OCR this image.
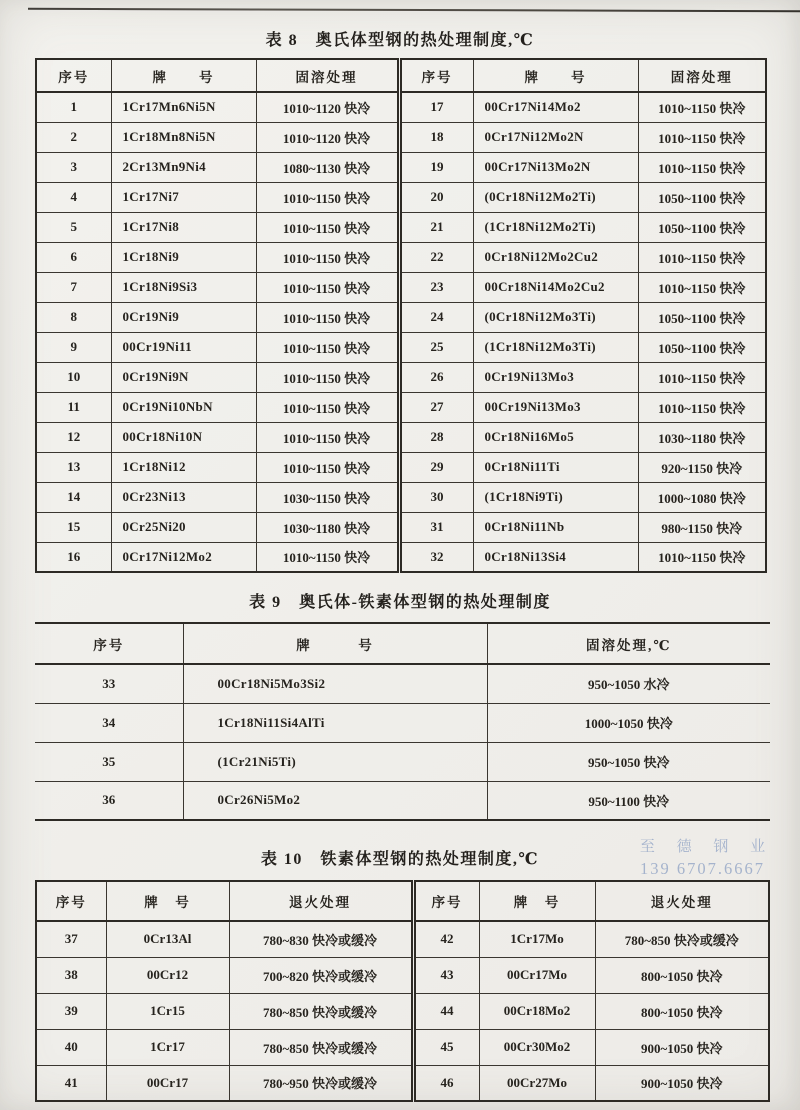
表 8　奥氏体型钢的热处理制度,℃
序号	牌　　号	固溶处理	序号	牌　　号	固溶处理
1	1Cr17Mn6Ni5N	1010~1120 快冷	17	00Cr17Ni14Mo2	1010~1150 快冷
2	1Cr18Mn8Ni5N	1010~1120 快冷	18	0Cr17Ni12Mo2N	1010~1150 快冷
3	2Cr13Mn9Ni4	1080~1130 快冷	19	00Cr17Ni13Mo2N	1010~1150 快冷
4	1Cr17Ni7	1010~1150 快冷	20	(0Cr18Ni12Mo2Ti)	1050~1100 快冷
5	1Cr17Ni8	1010~1150 快冷	21	(1Cr18Ni12Mo2Ti)	1050~1100 快冷
6	1Cr18Ni9	1010~1150 快冷	22	0Cr18Ni12Mo2Cu2	1010~1150 快冷
7	1Cr18Ni9Si3	1010~1150 快冷	23	00Cr18Ni14Mo2Cu2	1010~1150 快冷
8	0Cr19Ni9	1010~1150 快冷	24	(0Cr18Ni12Mo3Ti)	1050~1100 快冷
9	00Cr19Ni11	1010~1150 快冷	25	(1Cr18Ni12Mo3Ti)	1050~1100 快冷
10	0Cr19Ni9N	1010~1150 快冷	26	0Cr19Ni13Mo3	1010~1150 快冷
11	0Cr19Ni10NbN	1010~1150 快冷	27	00Cr19Ni13Mo3	1010~1150 快冷
12	00Cr18Ni10N	1010~1150 快冷	28	0Cr18Ni16Mo5	1030~1180 快冷
13	1Cr18Ni12	1010~1150 快冷	29	0Cr18Ni11Ti	920~1150 快冷
14	0Cr23Ni13	1030~1150 快冷	30	(1Cr18Ni9Ti)	1000~1080 快冷
15	0Cr25Ni20	1030~1180 快冷	31	0Cr18Ni11Nb	980~1150 快冷
16	0Cr17Ni12Mo2	1010~1150 快冷	32	0Cr18Ni13Si4	1010~1150 快冷
表 9　奥氏体-铁素体型钢的热处理制度
序号	牌　　　号	固溶处理,℃
33	00Cr18Ni5Mo3Si2	950~1050 水冷
34	1Cr18Ni11Si4AlTi	1000~1050 快冷
35	(1Cr21Ni5Ti)	950~1050 快冷
36	0Cr26Ni5Mo2	950~1100 快冷
表 10　铁素体型钢的热处理制度,℃
序号	牌　号	退火处理	序号	牌　号	退火处理
37	0Cr13Al	780~830 快冷或缓冷	42	1Cr17Mo	780~850 快冷或缓冷
38	00Cr12	700~820 快冷或缓冷	43	00Cr17Mo	800~1050 快冷
39	1Cr15	780~850 快冷或缓冷	44	00Cr18Mo2	800~1050 快冷
40	1Cr17	780~850 快冷或缓冷	45	00Cr30Mo2	900~1050 快冷
41	00Cr17	780~950 快冷或缓冷	46	00Cr27Mo	900~1050 快冷
至 德 钢 业
139 6707.6667
